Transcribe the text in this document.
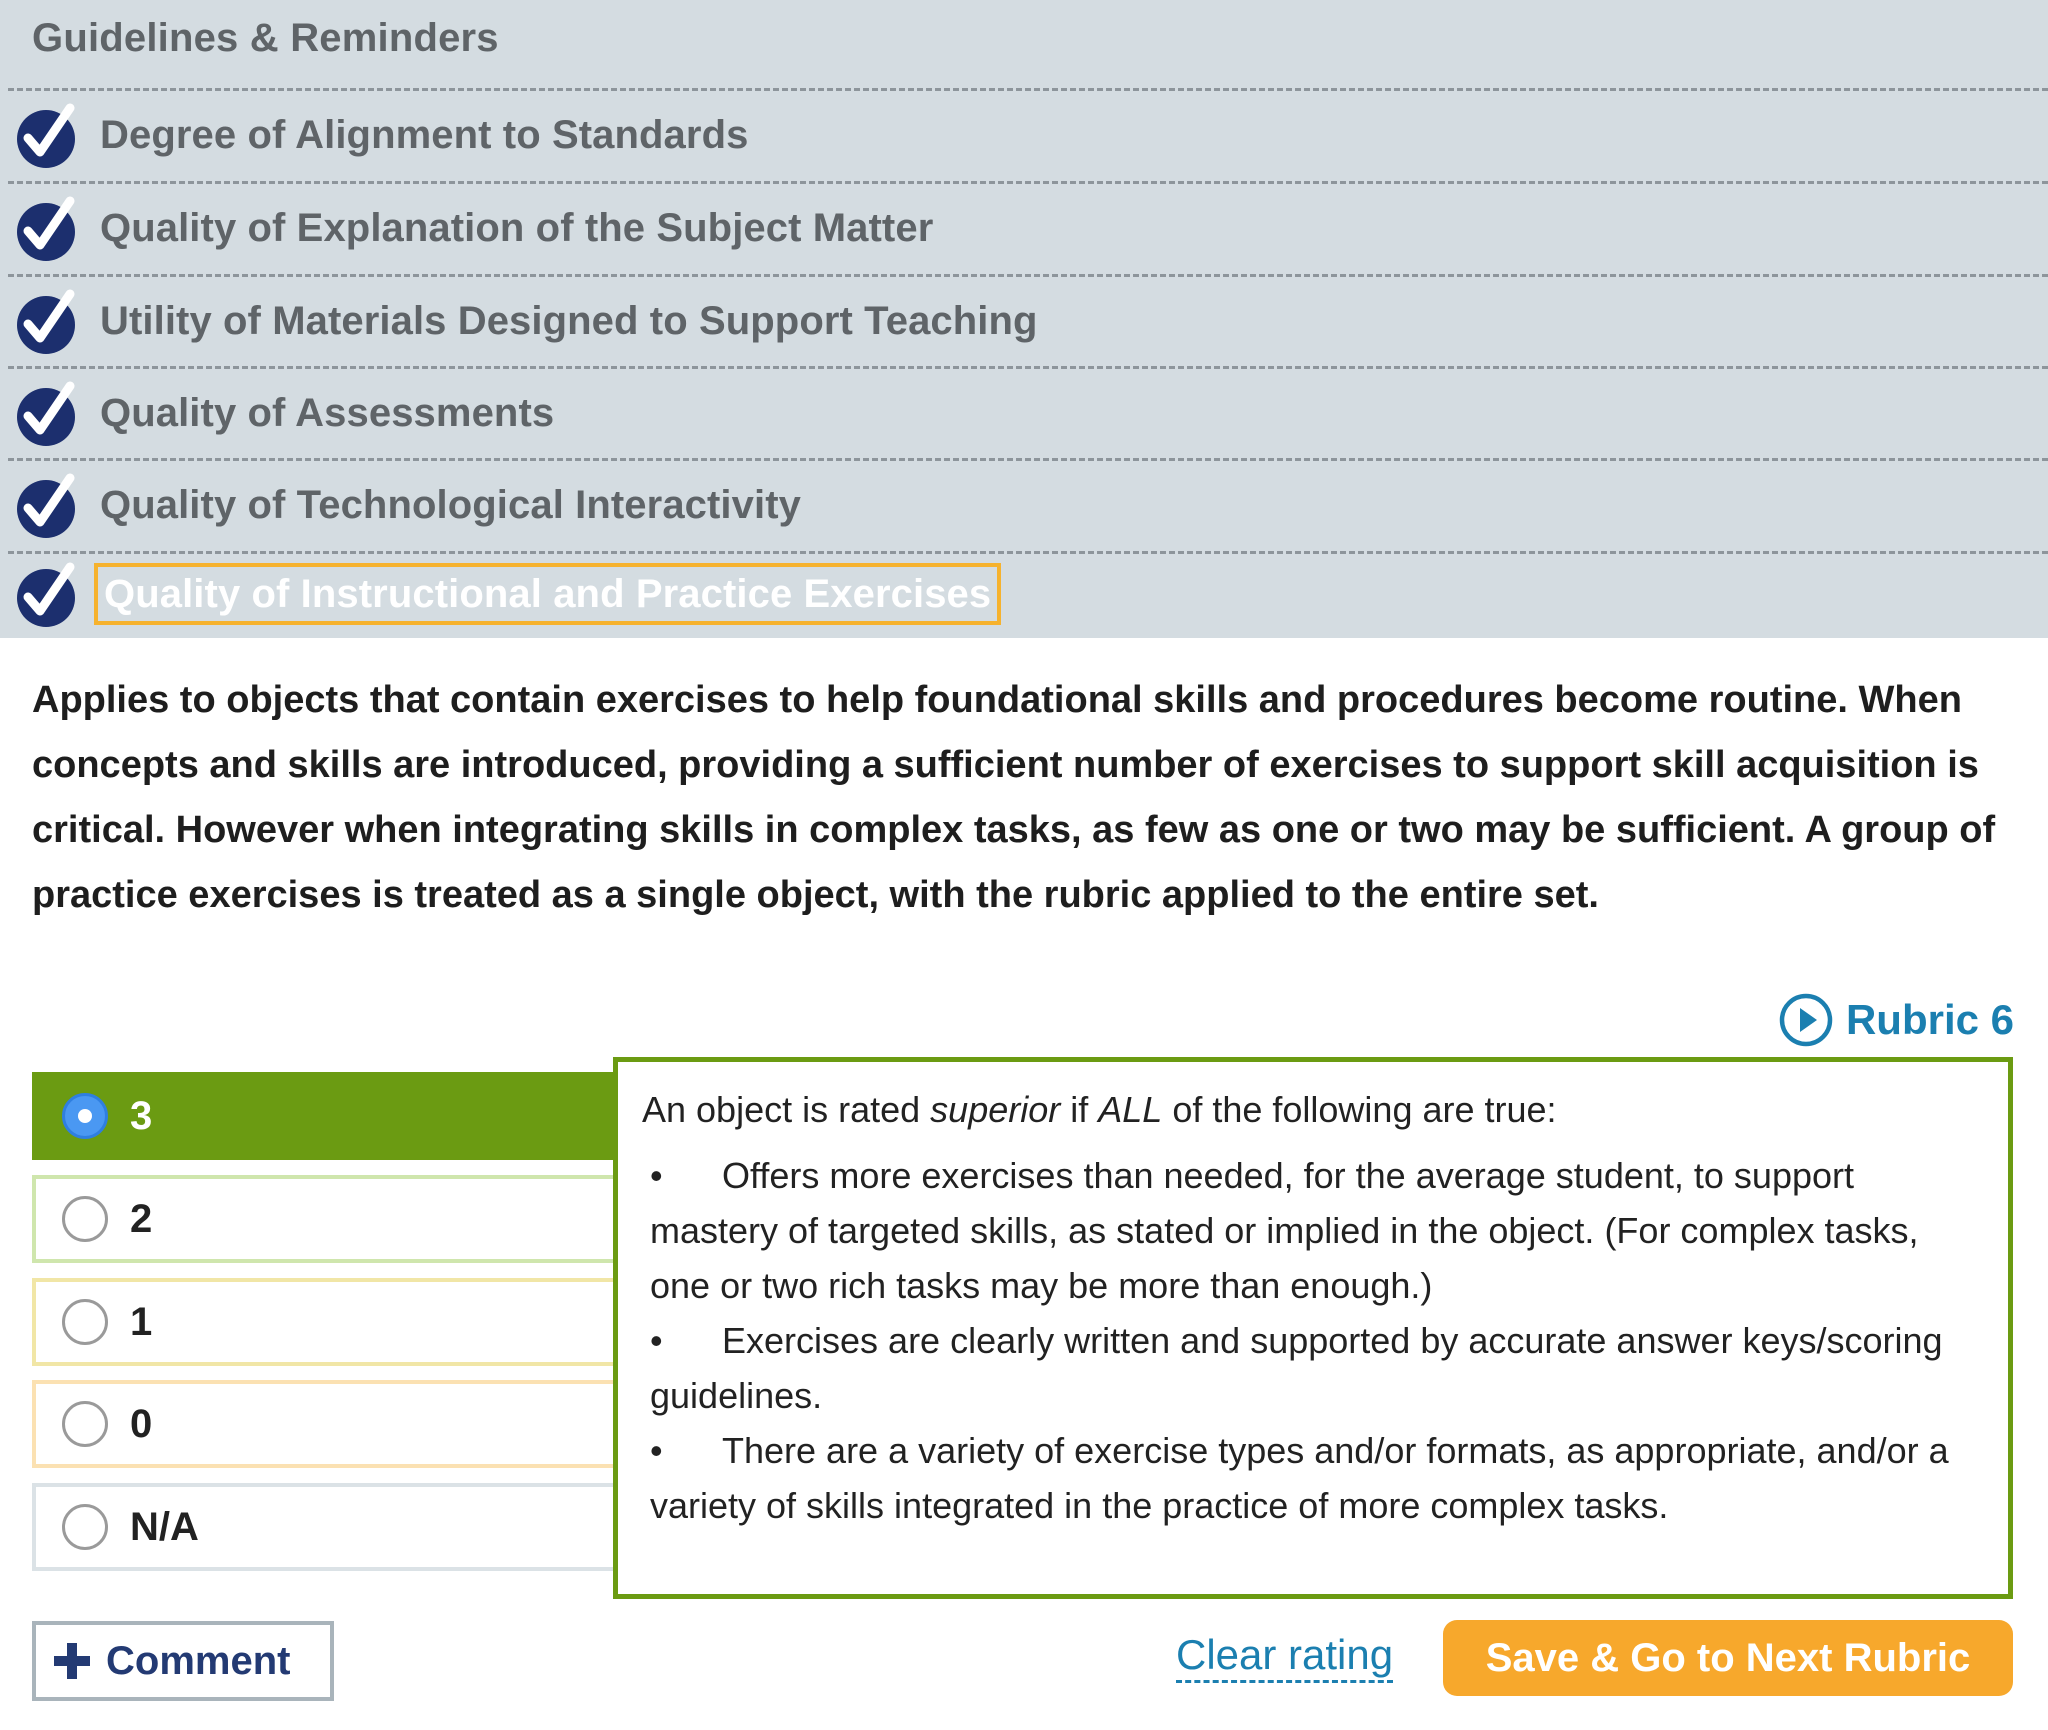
Guidelines & Reminders
Degree of Alignment to Standards
Quality of Explanation of the Subject Matter
Utility of Materials Designed to Support Teaching
Quality of Assessments
Quality of Technological Interactivity
Quality of Instructional and Practice Exercises

Applies to objects that contain exercises to help foundational skills and procedures become routine. When concepts and skills are introduced, providing a sufficient number of exercises to support skill acquisition is critical. However when integrating skills in complex tasks, as few as one or two may be sufficient. A group of practice exercises is treated as a single object, with the rubric applied to the entire set.

Rubric 6
3
2
1
0
N/A

An object is rated superior if ALL of the following are true:

• Offers more exercises than needed, for the average student, to support mastery of targeted skills, as stated or implied in the object. (For complex tasks, one or two rich tasks may be more than enough.)
• Exercises are clearly written and supported by accurate answer keys/scoring guidelines.
• There are a variety of exercise types and/or formats, as appropriate, and/or a variety of skills integrated in the practice of more complex tasks.
Comment	Clear rating	Save & Go to Next Rubric
